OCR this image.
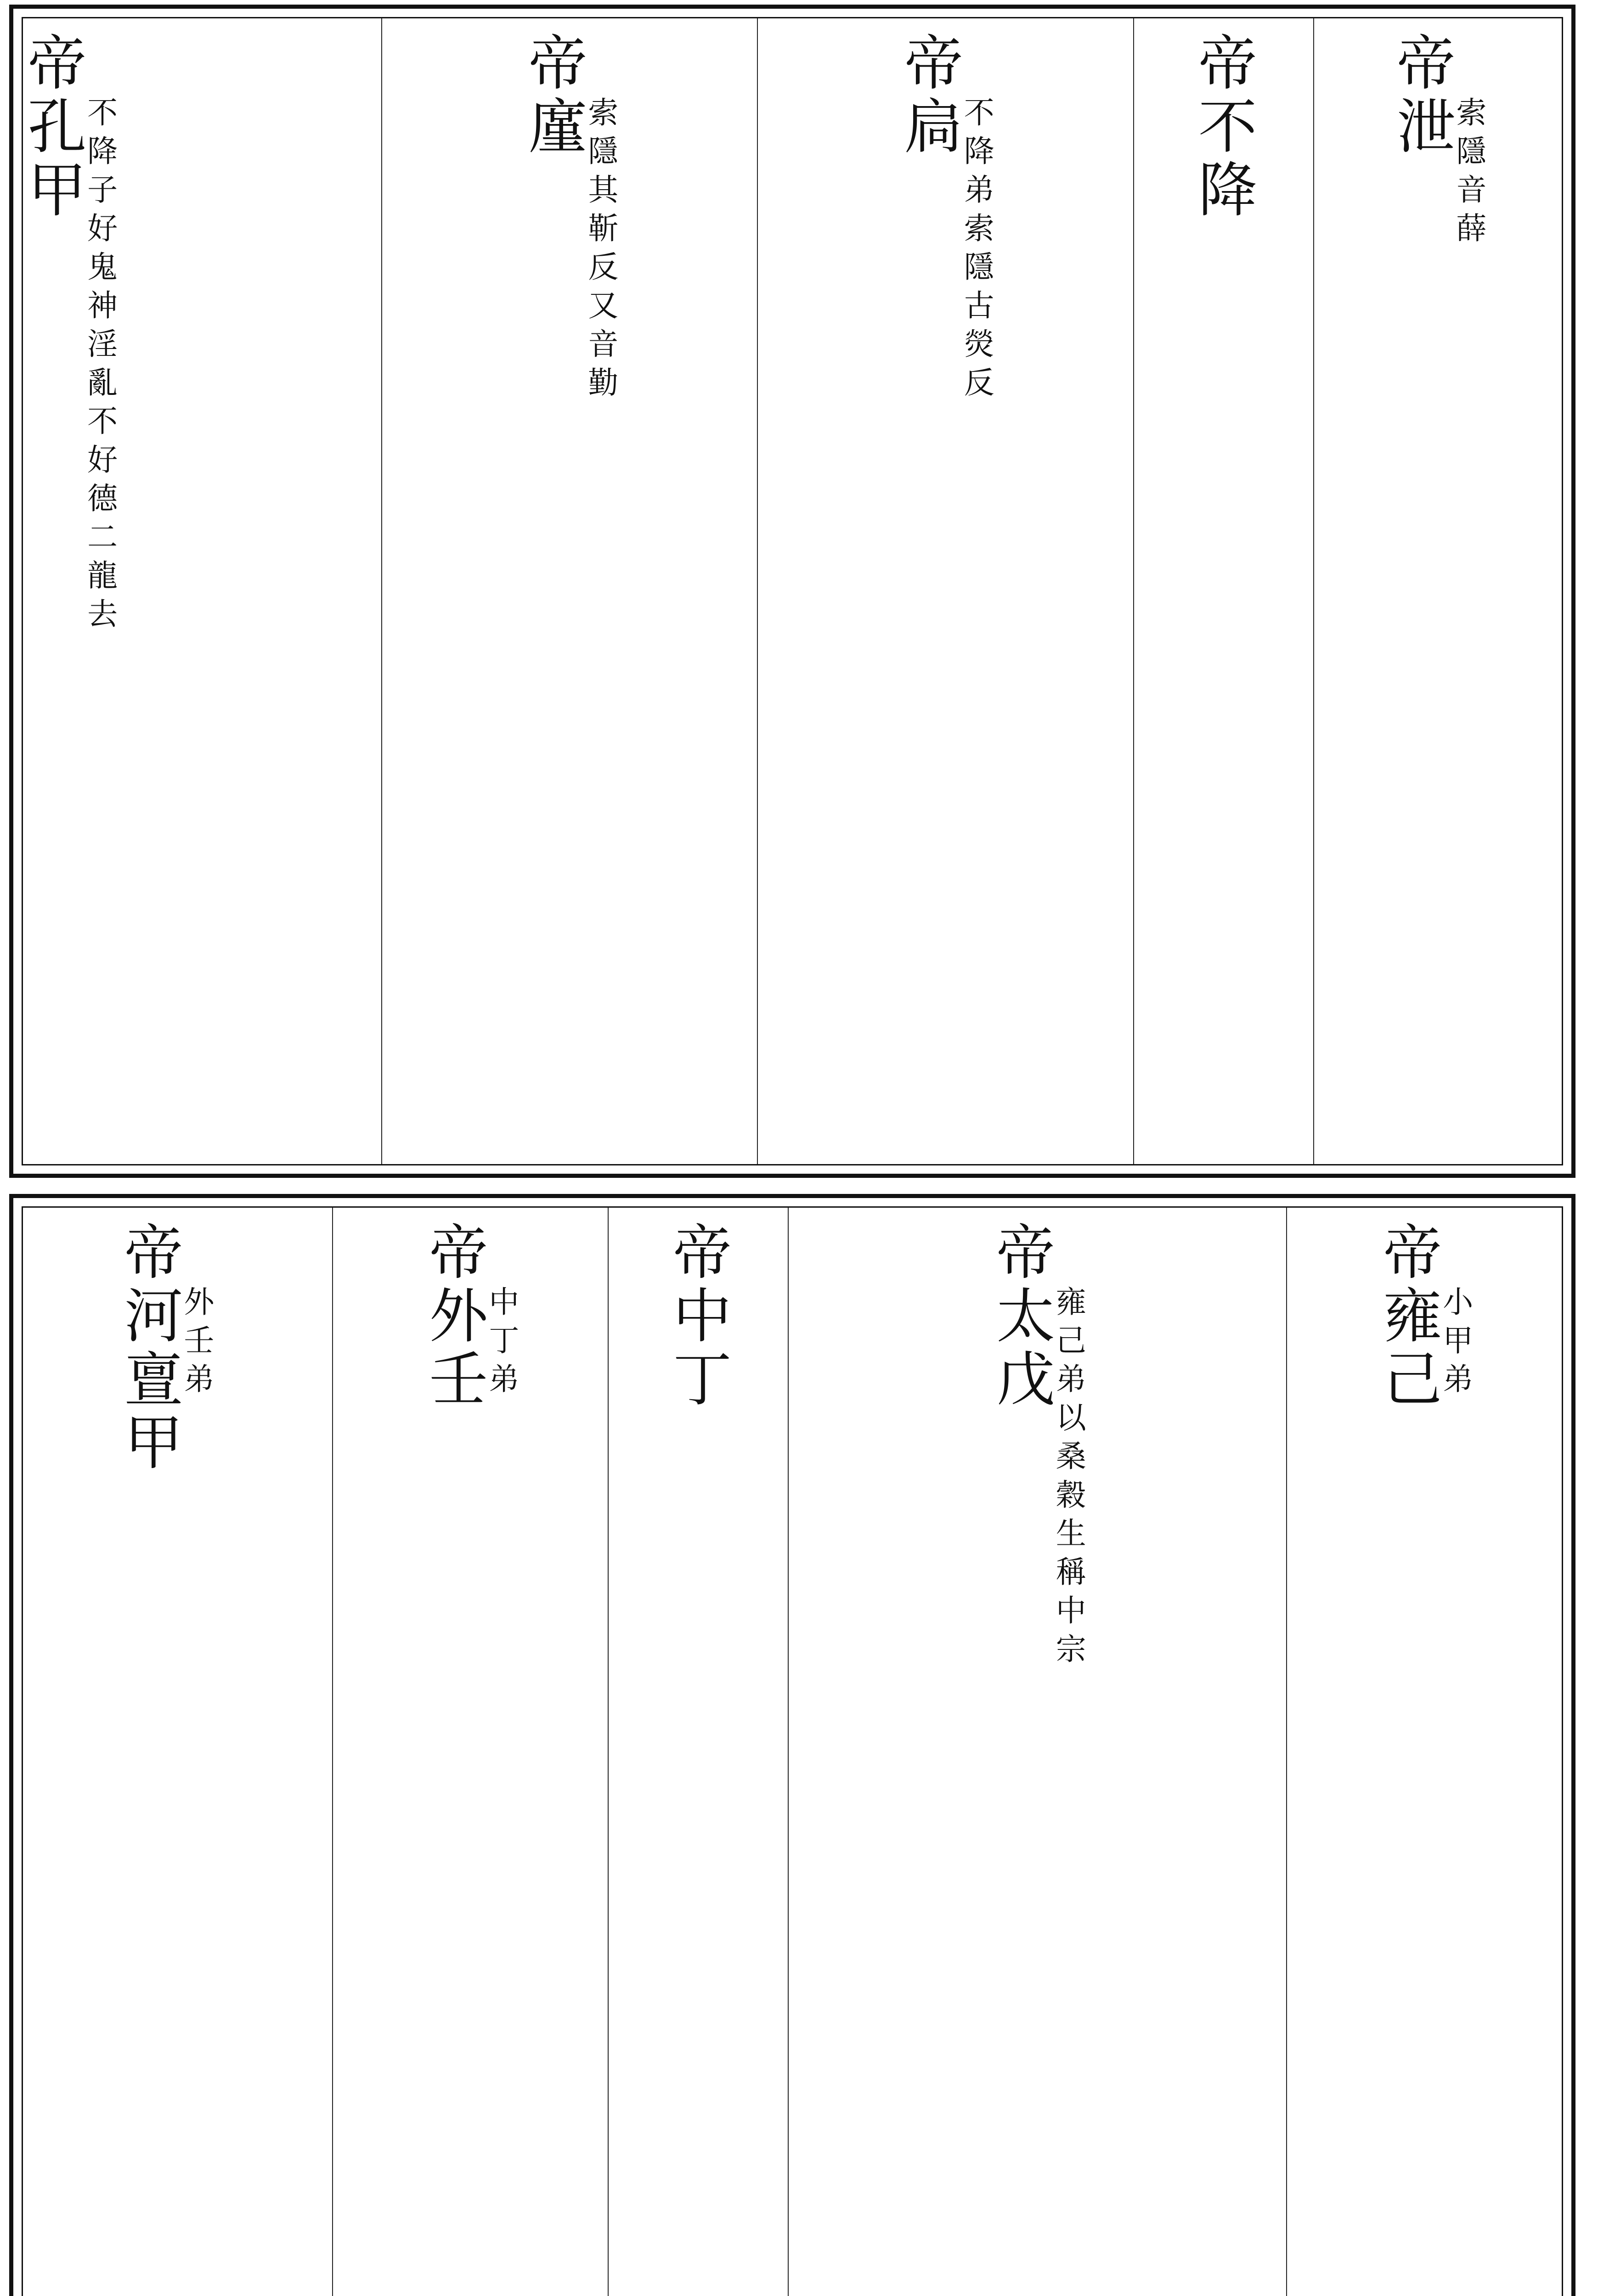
帝泄
索隱音薛
帝不降
帝扃
不降弟索隱古熒反
帝廑
索隱其靳反又音勤
帝孔甲
不降子好鬼神淫亂不好德二龍去
帝雍己
小甲弟
帝太戊
雍己弟以桑穀生稱中宗
帝中丁
帝外壬
中丁弟
帝河亶甲
外壬弟
